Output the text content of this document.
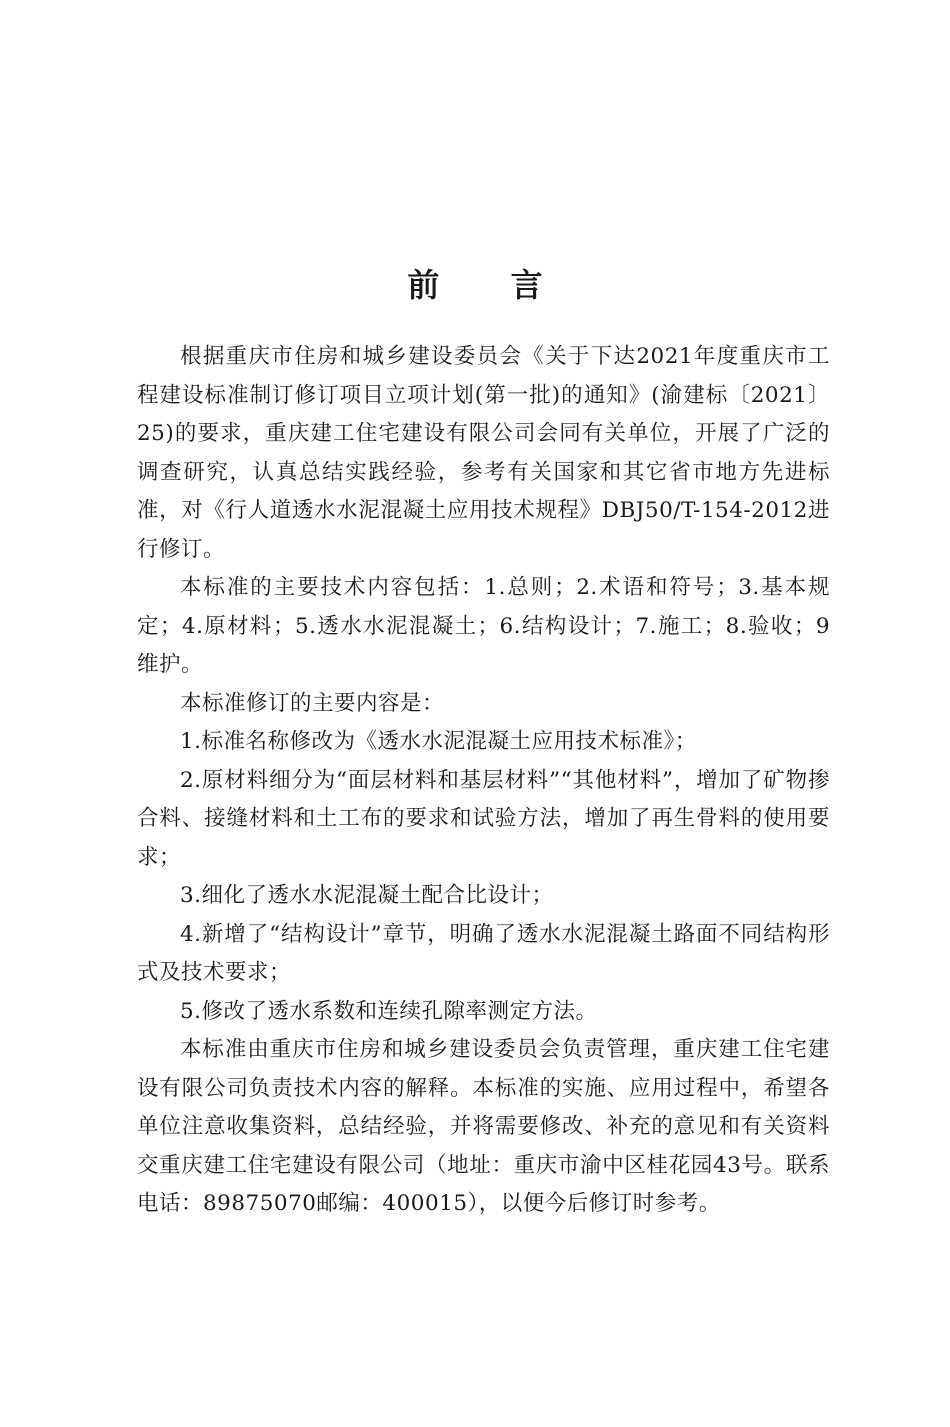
前 言

根据重庆市住房和城乡建设委员会《关于下达2021年度重庆市工程建设标准制订修订项目立项计划(第一批)的通知》(渝建标〔2021〕25)的要求，重庆建工住宅建设有限公司会同有关单位，开展了广泛的调查研究，认真总结实践经验，参考有关国家和其它省市地方先进标准，对《行人道透水水泥混凝土应用技术规程》DBJ50/T-154-2012进行修订。

本标准的主要技术内容包括：1.总则；2.术语和符号；3.基本规定；4.原材料；5.透水水泥混凝土；6.结构设计；7.施工；8.验收；9维护。

本标准修订的主要内容是：

1.标准名称修改为《透水水泥混凝土应用技术标准》；

2.原材料细分为“面层材料和基层材料”“其他材料”，增加了矿物掺合料、接缝材料和土工布的要求和试验方法，增加了再生骨料的使用要求；

3.细化了透水水泥混凝土配合比设计；

4.新增了“结构设计”章节，明确了透水水泥混凝土路面不同结构形式及技术要求；

5.修改了透水系数和连续孔隙率测定方法。

本标准由重庆市住房和城乡建设委员会负责管理，重庆建工住宅建设有限公司负责技术内容的解释。本标准的实施、应用过程中，希望各单位注意收集资料，总结经验，并将需要修改、补充的意见和有关资料交重庆建工住宅建设有限公司（地址：重庆市渝中区桂花园43号。联系电话：89875070邮编：400015），以便今后修订时参考。
